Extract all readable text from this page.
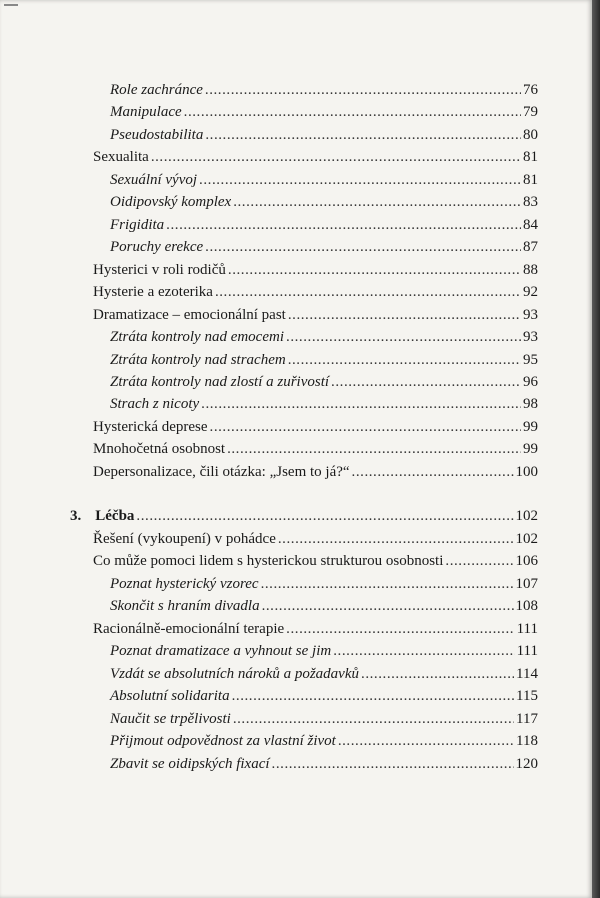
Role zachránce . . .	76
Manipulace . . .	79
Pseudostabilita . . .	80
Sexualita . . .	81
Sexuální vývoj . . .	81
Oidipovský komplex . . .	83
Frigidita . . .	84
Poruchy erekce . . .	87
Hysterici v roli rodičů . . .	88
Hysterie a ezoterika . . .	92
Dramatizace – emocionální past . . .	93
Ztráta kontroly nad emocemi . . .	93
Ztráta kontroly nad strachem . . .	95
Ztráta kontroly nad zlostí a zuřivostí . . .	96
Strach z nicoty . . .	98
Hysterická deprese . . .	99
Mnohočetná osobnost . . .	99
Depersonalizace, čili otázka: „Jsem to já?“ . . .	100
3. Léčba . . .	102
Řešení (vykoupení) v pohádce . . .	102
Co může pomoci lidem s hysterickou strukturou osobnosti . . .	106
Poznat hysterický vzorec . . .	107
Skončit s hraním divadla . . .	108
Racionálně-emocionální terapie . . .	111
Poznat dramatizace a vyhnout se jim . . .	111
Vzdát se absolutních nároků a požadavků . . .	114
Absolutní solidarita . . .	115
Naučit se trpělivosti . . .	117
Přijmout odpovědnost za vlastní život . . .	118
Zbavit se oidipských fixací . . .	120
